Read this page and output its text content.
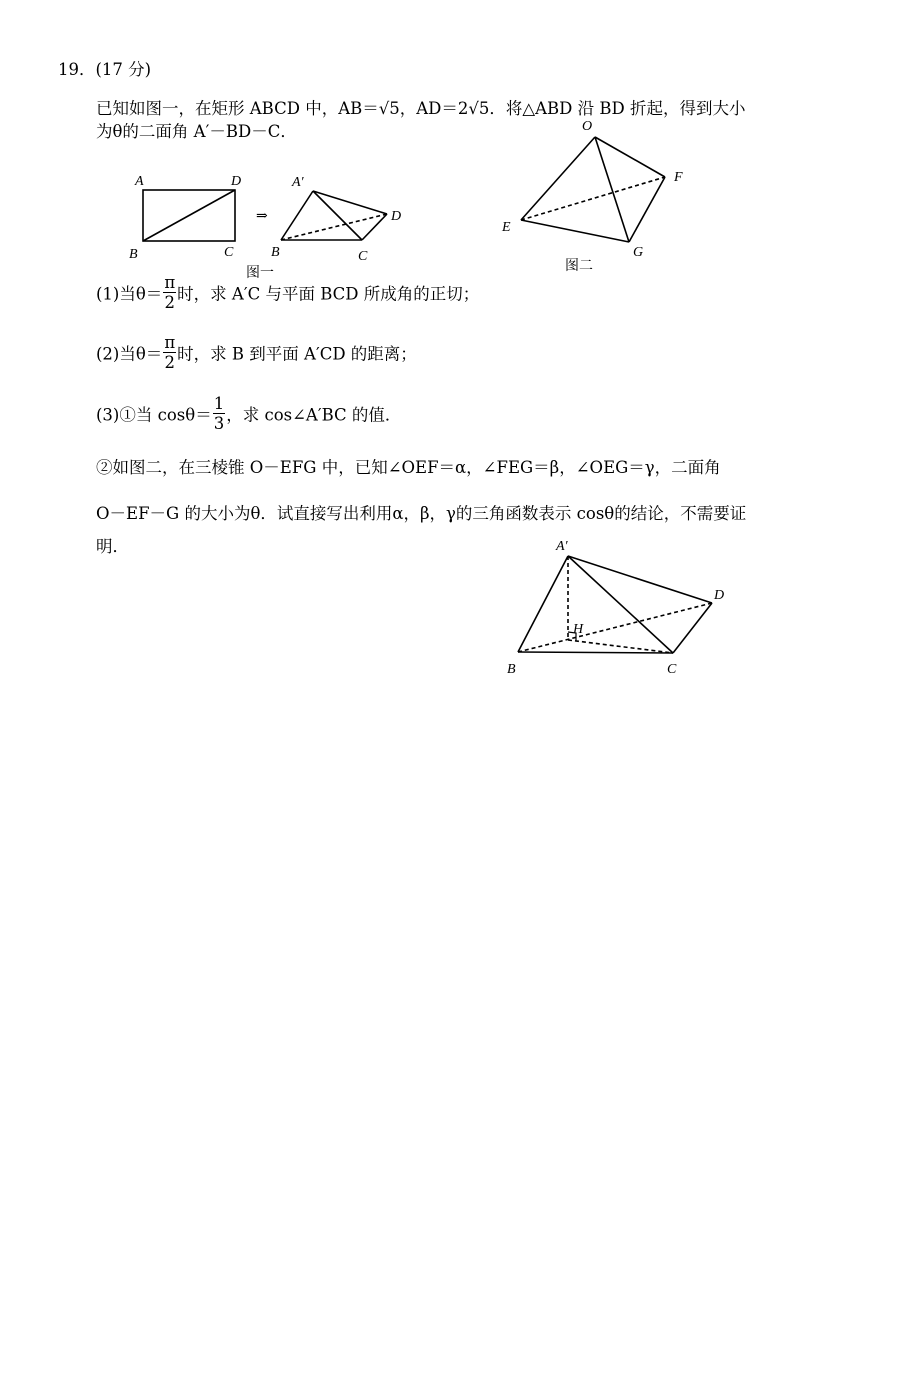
19．(17 分)
已知如图一，在矩形 ABCD 中，AB＝√5，AD＝2√5．将△ABD 沿 BD 折起，得到大小
为θ的二面角 A′－BD－C．
(1)当$\theta= \frac{\pi}{2}$ 时，求 A′C 与平面 BCD 所成角的正切；
(2)当$\theta= \frac{\pi}{2}$ 时，求 B 到平面 A′CD 的距离；
(3)①当 $\cos\theta= \frac{1}{3}$ ，求 cos∠A′BC 的值．
②如图二，在三棱锥 O－EFG 中，已知∠OEF＝α，∠FEG＝β，∠OEG＝γ，二面角
O－EF－G 的大小为θ．试直接写出利用α，β，γ的三角函数表示 cosθ的结论，不需要证
明．
A	D
B	C
⇒
A′
D
B	C
图一
O
F
E
G
图二
A′
D
H
B	C
